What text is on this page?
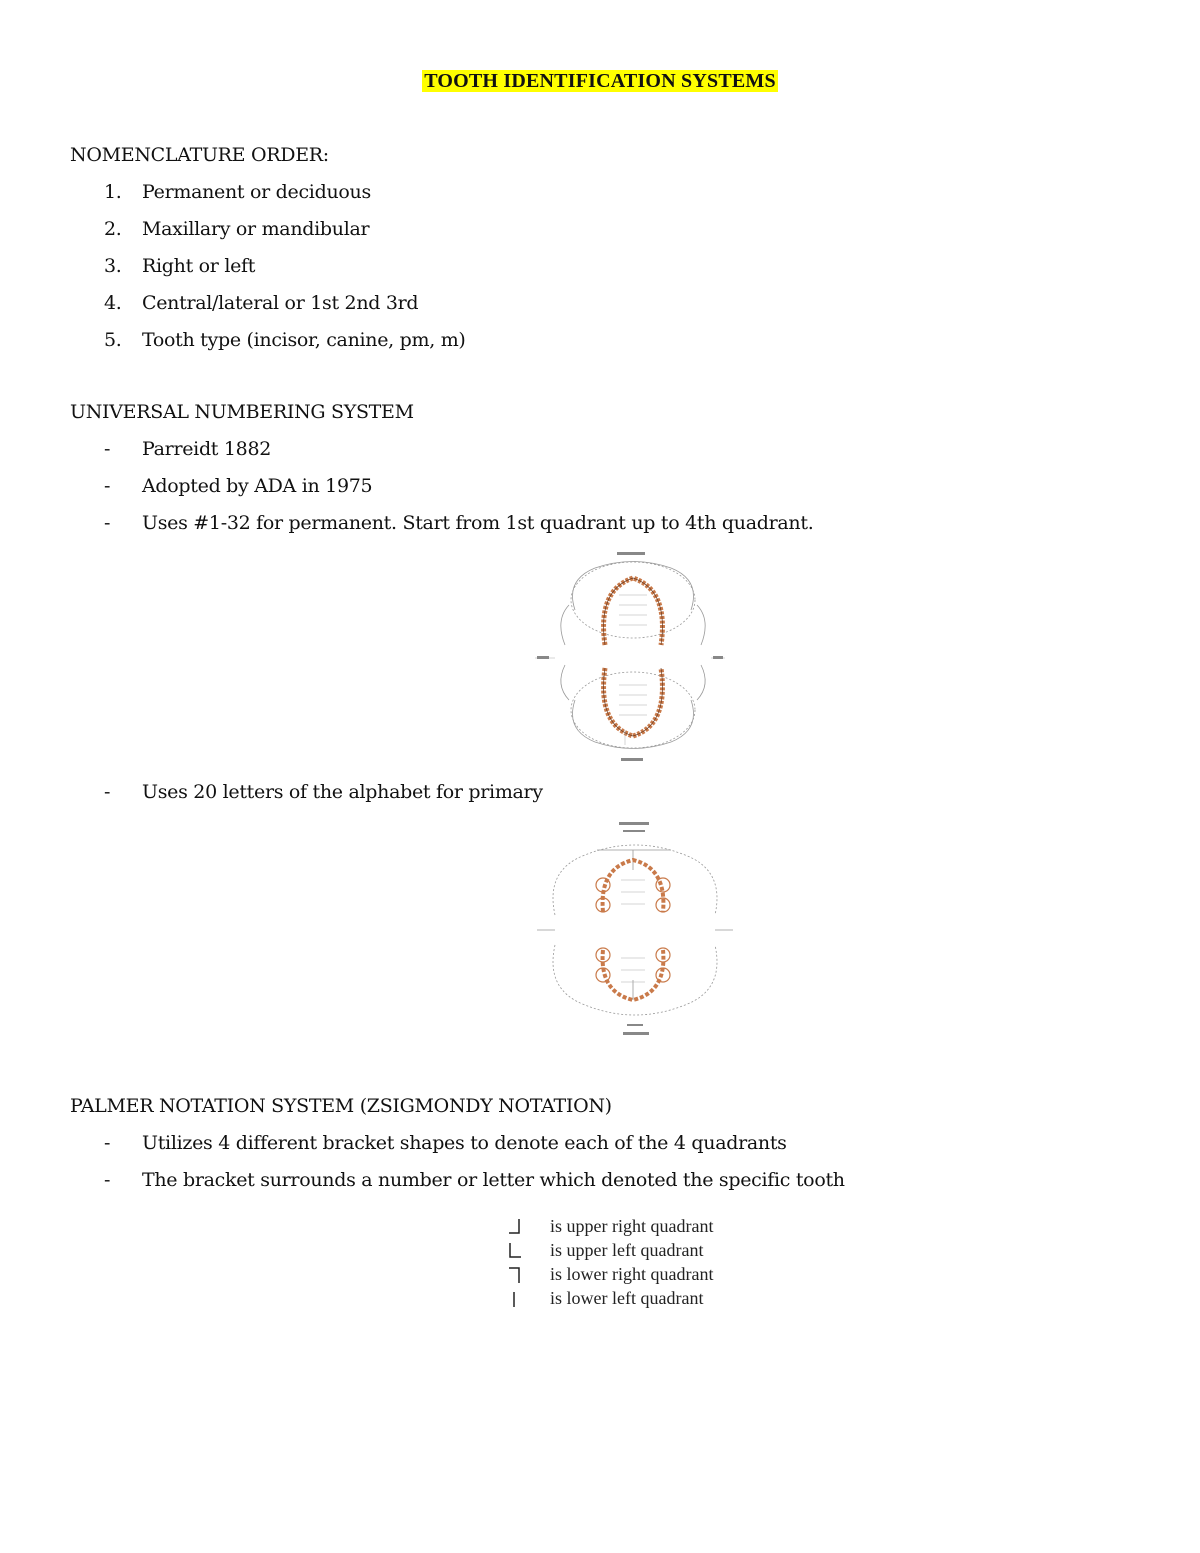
TOOTH IDENTIFICATION SYSTEMS
NOMENCLATURE ORDER:
1. Permanent or deciduous
2. Maxillary or mandibular
3. Right or left
4. Central/lateral or 1st 2nd 3rd
5. Tooth type (incisor, canine, pm, m)
UNIVERSAL NUMBERING SYSTEM
- Parreidt 1882
- Adopted by ADA in 1975
- Uses #1-32 for permanent. Start from 1st quadrant up to 4th quadrant.
- Uses 20 letters of the alphabet for primary
PALMER NOTATION SYSTEM (ZSIGMONDY NOTATION)
- Utilizes 4 different bracket shapes to denote each of the 4 quadrants
- The bracket surrounds a number or letter which denoted the specific tooth
is upper right quadrant
is upper left quadrant
is lower right quadrant
is lower left quadrant
